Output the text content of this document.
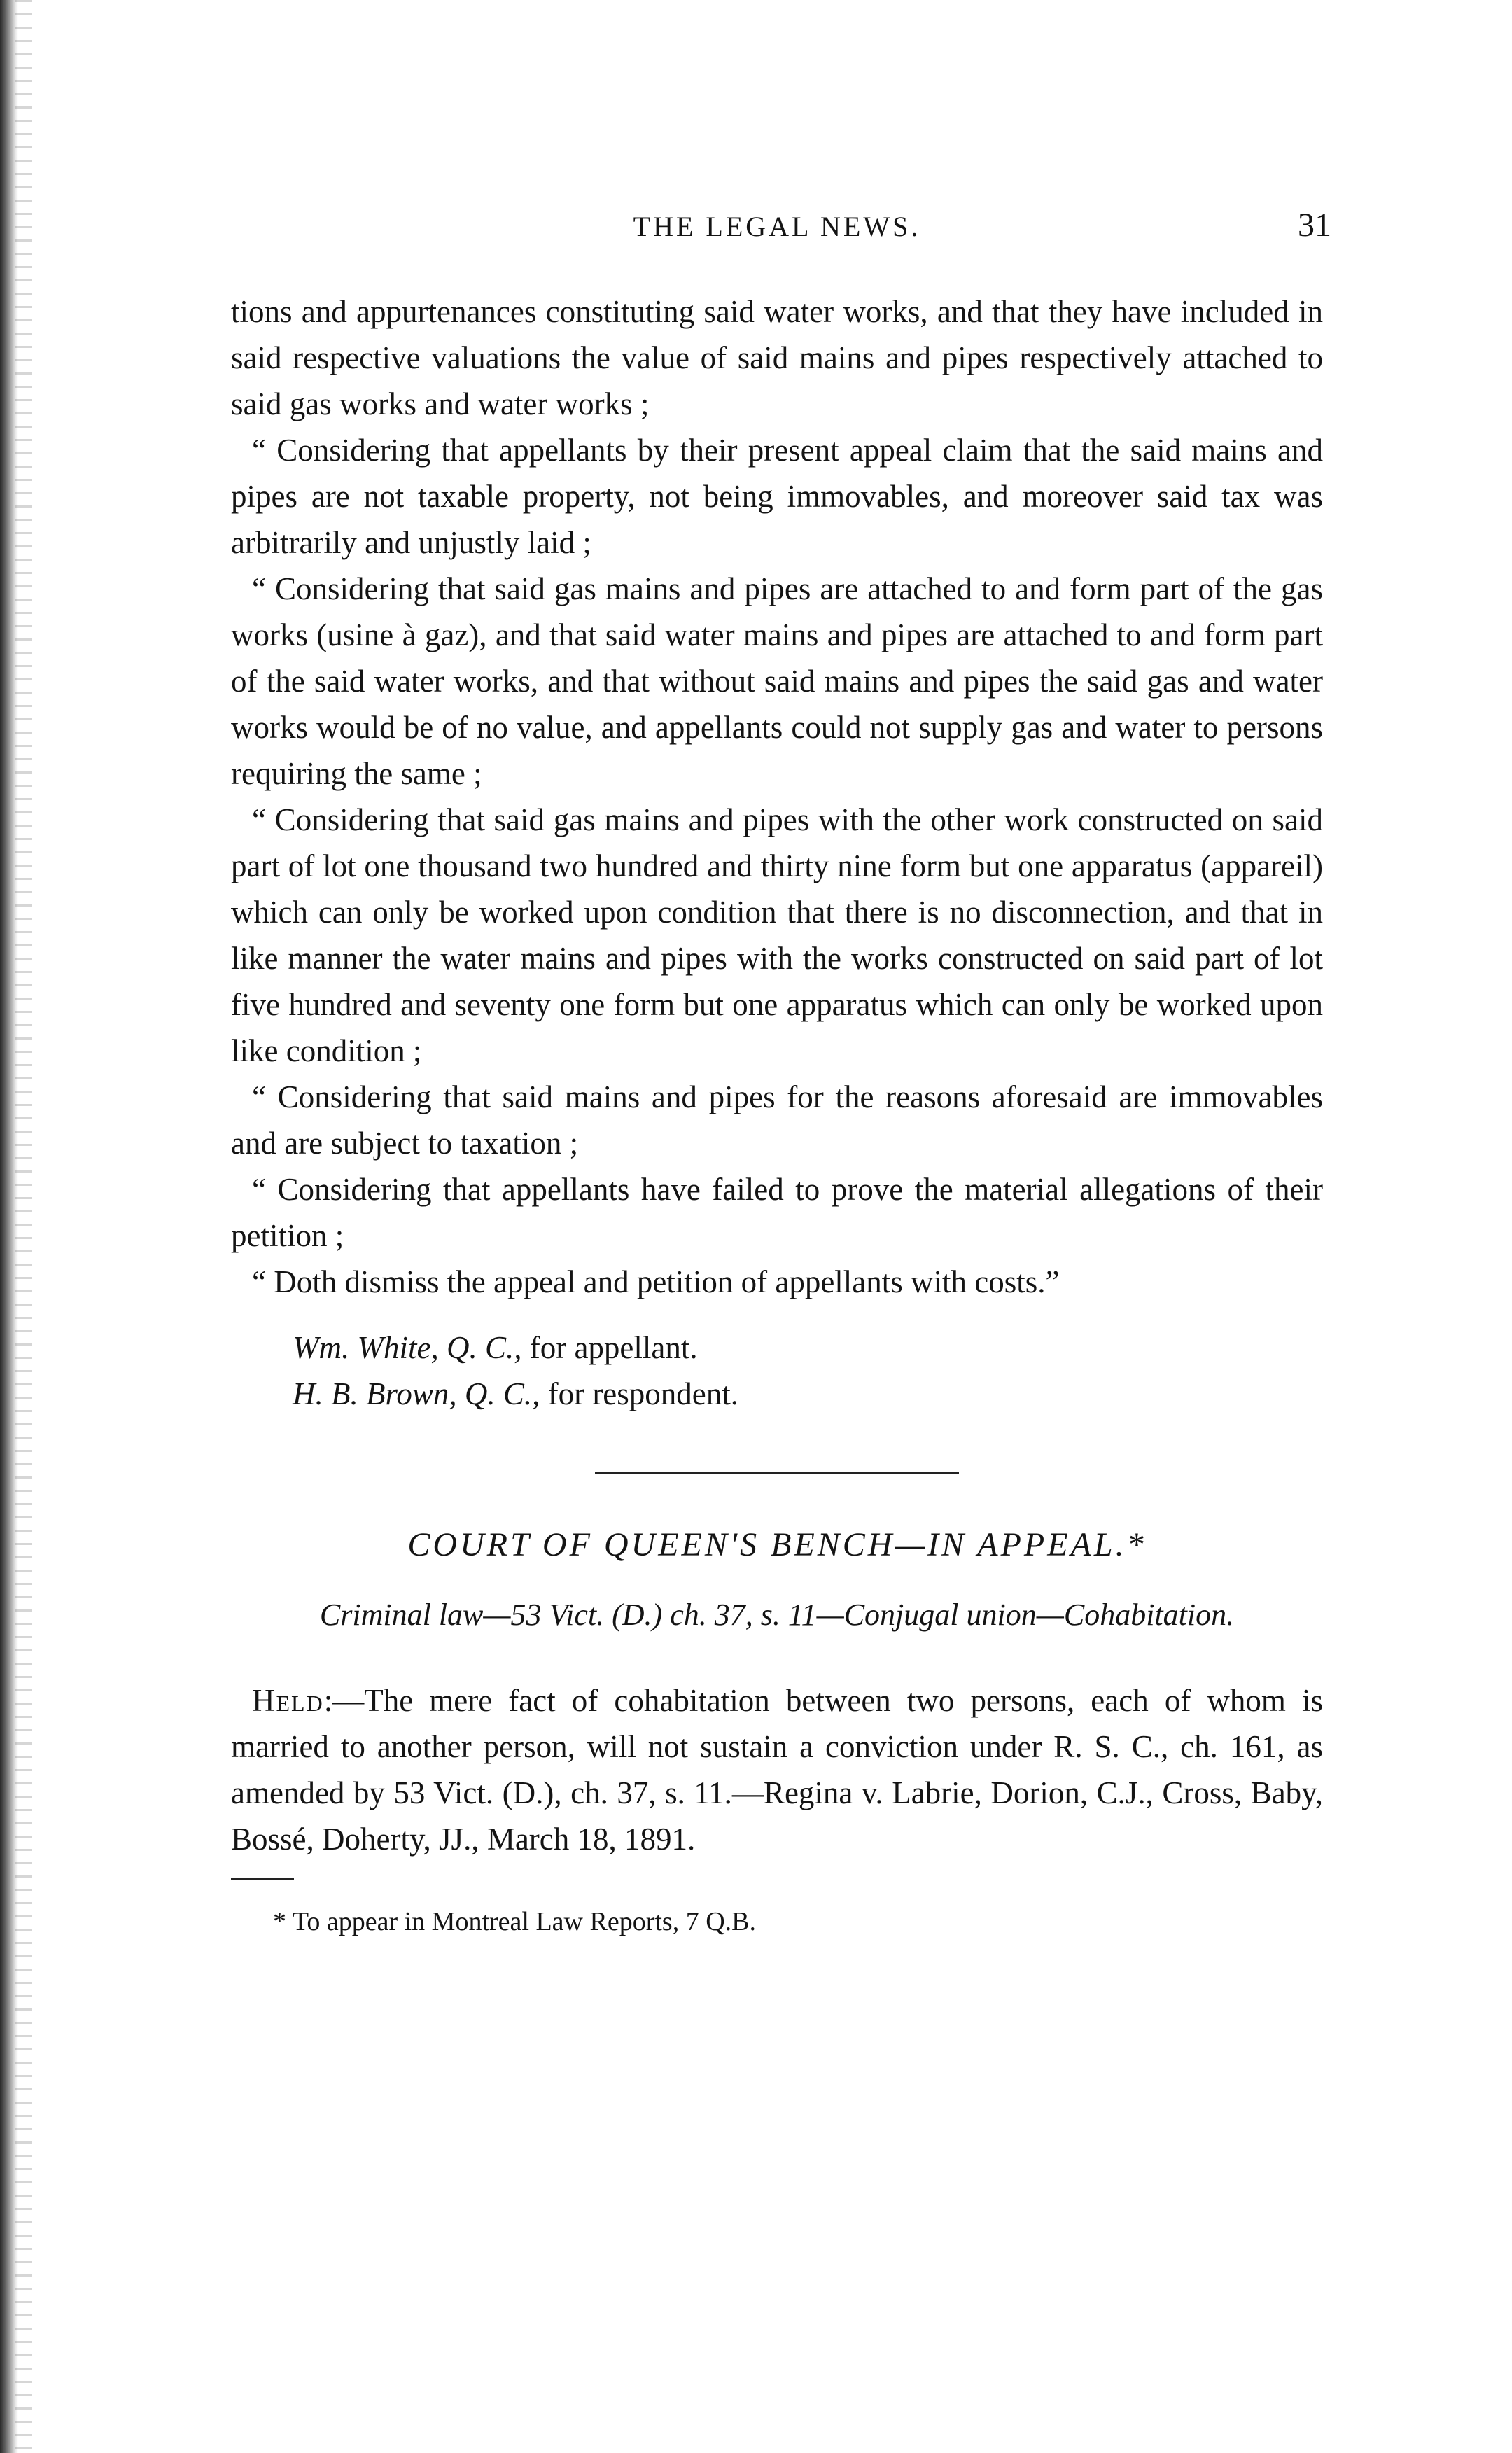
THE LEGAL NEWS.	31

tions and appurtenances constituting said water works, and that they have included in said respective valuations the value of said mains and pipes respectively attached to said gas works and water works ;

“ Considering that appellants by their present appeal claim that the said mains and pipes are not taxable property, not being immovables, and moreover said tax was arbitrarily and unjustly laid ;

“ Considering that said gas mains and pipes are attached to and form part of the gas works (usine à gaz), and that said water mains and pipes are attached to and form part of the said water works, and that without said mains and pipes the said gas and water works would be of no value, and appellants could not supply gas and water to persons requiring the same ;

“ Considering that said gas mains and pipes with the other work constructed on said part of lot one thousand two hundred and thirty nine form but one apparatus (appareil) which can only be worked upon condition that there is no disconnection, and that in like manner the water mains and pipes with the works constructed on said part of lot five hundred and seventy one form but one apparatus which can only be worked upon like condition ;

“ Considering that said mains and pipes for the reasons aforesaid are immovables and are subject to taxation ;

“ Considering that appellants have failed to prove the material allegations of their petition ;

“ Doth dismiss the appeal and petition of appellants with costs.”

Wm. White, Q. C., for appellant.
H. B. Brown, Q. C., for respondent.
COURT OF QUEEN'S BENCH—IN APPEAL.*
Criminal law—53 Vict. (D.) ch. 37, s. 11—Conjugal union—Cohabitation.

Held:—The mere fact of cohabitation between two persons, each of whom is married to another person, will not sustain a conviction under R. S. C., ch. 161, as amended by 53 Vict. (D.), ch. 37, s. 11.—Regina v. Labrie, Dorion, C.J., Cross, Baby, Bossé, Doherty, JJ., March 18, 1891.

* To appear in Montreal Law Reports, 7 Q.B.
